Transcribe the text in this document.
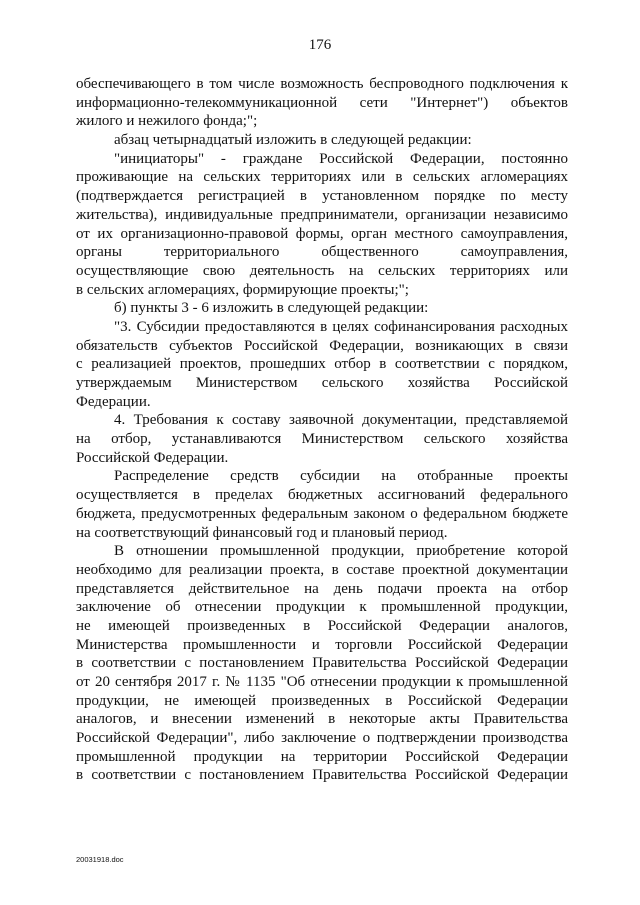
176
обеспечивающего в том числе возможность беспроводного подключения к
информационно-телекоммуникационной сети "Интернет") объектов
жилого и нежилого фонда;";
абзац четырнадцатый изложить в следующей редакции:
"инициаторы" - граждане Российской Федерации, постоянно
проживающие на сельских территориях или в сельских агломерациях
(подтверждается регистрацией в установленном порядке по месту
жительства), индивидуальные предприниматели, организации независимо
от их организационно-правовой формы, орган местного самоуправления,
органы территориального общественного самоуправления,
осуществляющие свою деятельность на сельских территориях или
в сельских агломерациях, формирующие проекты;";
б) пункты 3 - 6 изложить в следующей редакции:
"3. Субсидии предоставляются в целях софинансирования расходных
обязательств субъектов Российской Федерации, возникающих в связи
с реализацией проектов, прошедших отбор в соответствии с порядком,
утверждаемым Министерством сельского хозяйства Российской
Федерации.
4. Требования к составу заявочной документации, представляемой
на отбор, устанавливаются Министерством сельского хозяйства
Российской Федерации.
Распределение средств субсидии на отобранные проекты
осуществляется в пределах бюджетных ассигнований федерального
бюджета, предусмотренных федеральным законом о федеральном бюджете
на соответствующий финансовый год и плановый период.
В отношении промышленной продукции, приобретение которой
необходимо для реализации проекта, в составе проектной документации
представляется действительное на день подачи проекта на отбор
заключение об отнесении продукции к промышленной продукции,
не имеющей произведенных в Российской Федерации аналогов,
Министерства промышленности и торговли Российской Федерации
в соответствии с постановлением Правительства Российской Федерации
от 20 сентября 2017 г. № 1135 "Об отнесении продукции к промышленной
продукции, не имеющей произведенных в Российской Федерации
аналогов, и внесении изменений в некоторые акты Правительства
Российской Федерации", либо заключение о подтверждении производства
промышленной продукции на территории Российской Федерации
в соответствии с постановлением Правительства Российской Федерации
20031918.doc
